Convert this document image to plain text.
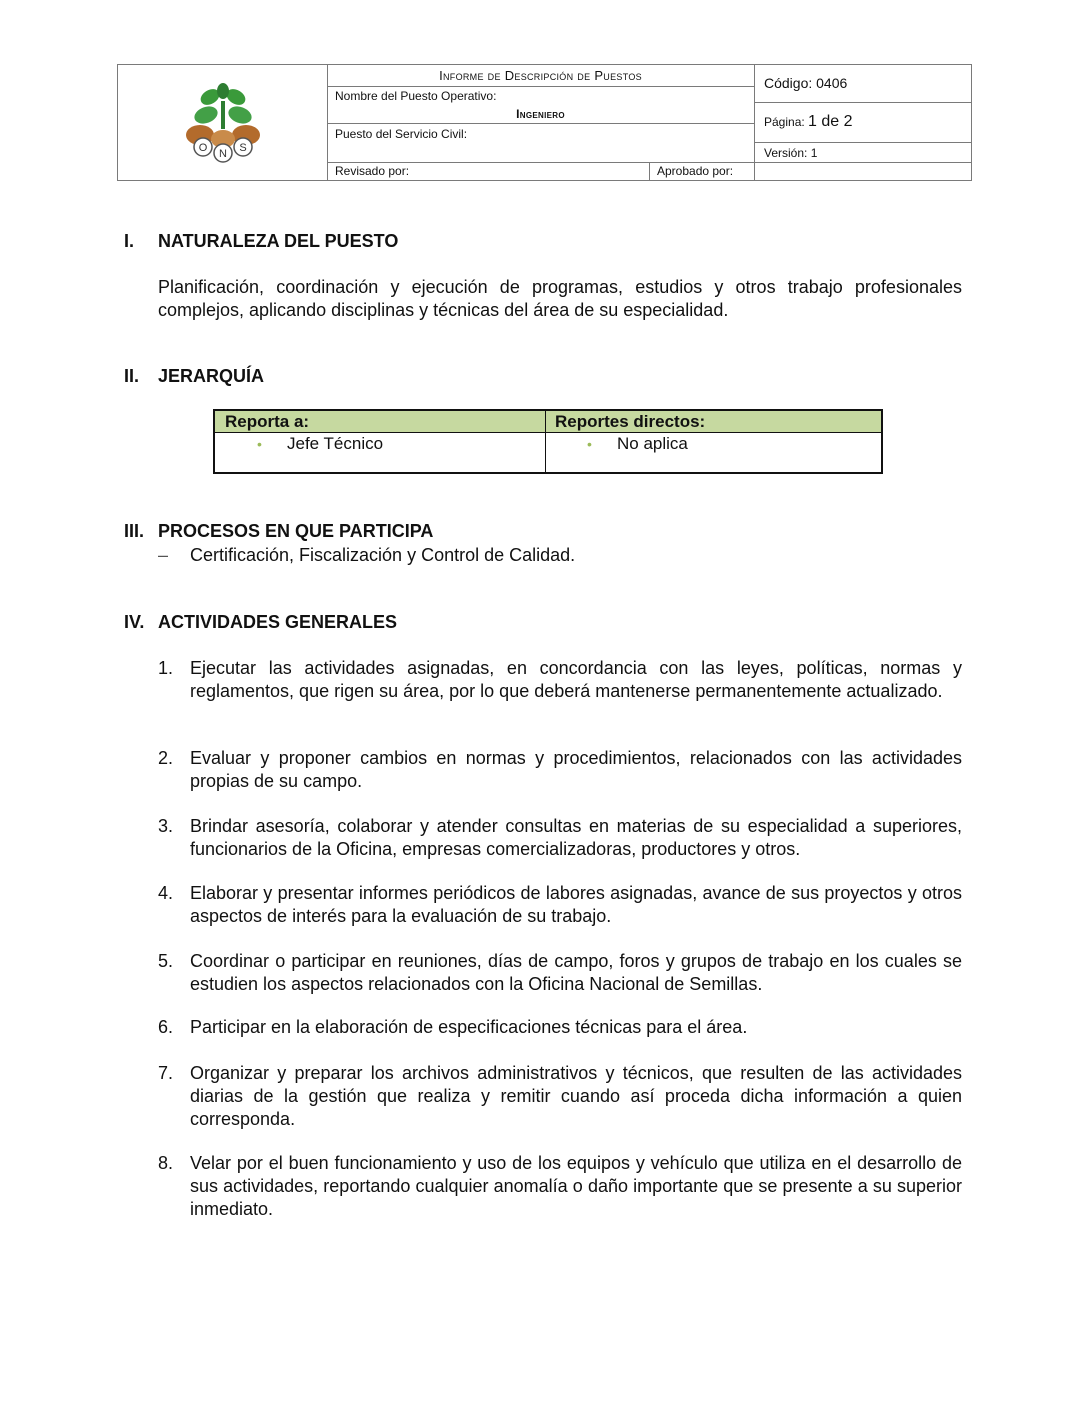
O N S
Informe de Descripción de Puestos
Nombre del Puesto Operativo:
Ingeniero
Puesto del Servicio Civil:
Código: 0406
Página: 1 de 2
Versión: 1
Revisado por:	Aprobado por:
I. NATURALEZA DEL PUESTO
Planificación, coordinación y ejecución de programas, estudios y otros trabajo profesionales complejos, aplicando disciplinas y técnicas del área de su especialidad.
II. JERARQUÍA
Reporta a:	Reportes directos:
• Jefe Técnico	• No aplica
III. PROCESOS EN QUE PARTICIPA
– Certificación, Fiscalización y Control de Calidad.
IV. ACTIVIDADES GENERALES
1. Ejecutar las actividades asignadas, en concordancia con las leyes, políticas, normas y reglamentos, que rigen su área, por lo que deberá mantenerse permanentemente actualizado.
2. Evaluar y proponer cambios en normas y procedimientos, relacionados con las actividades propias de su campo.
3. Brindar asesoría, colaborar y atender consultas en materias de su especialidad a superiores, funcionarios de la Oficina, empresas comercializadoras, productores y otros.
4. Elaborar y presentar informes periódicos de labores asignadas, avance de sus proyectos y otros aspectos de interés para la evaluación de su trabajo.
5. Coordinar o participar en reuniones, días de campo, foros y grupos de trabajo en los cuales se estudien los aspectos relacionados con la Oficina Nacional de Semillas.
6. Participar en la elaboración de especificaciones técnicas para el área.
7. Organizar y preparar los archivos administrativos y técnicos, que resulten de las actividades diarias de la gestión que realiza y remitir cuando así proceda dicha información a quien corresponda.
8. Velar por el buen funcionamiento y uso de los equipos y vehículo que utiliza en el desarrollo de sus actividades, reportando cualquier anomalía o daño importante que se presente a su superior inmediato.
